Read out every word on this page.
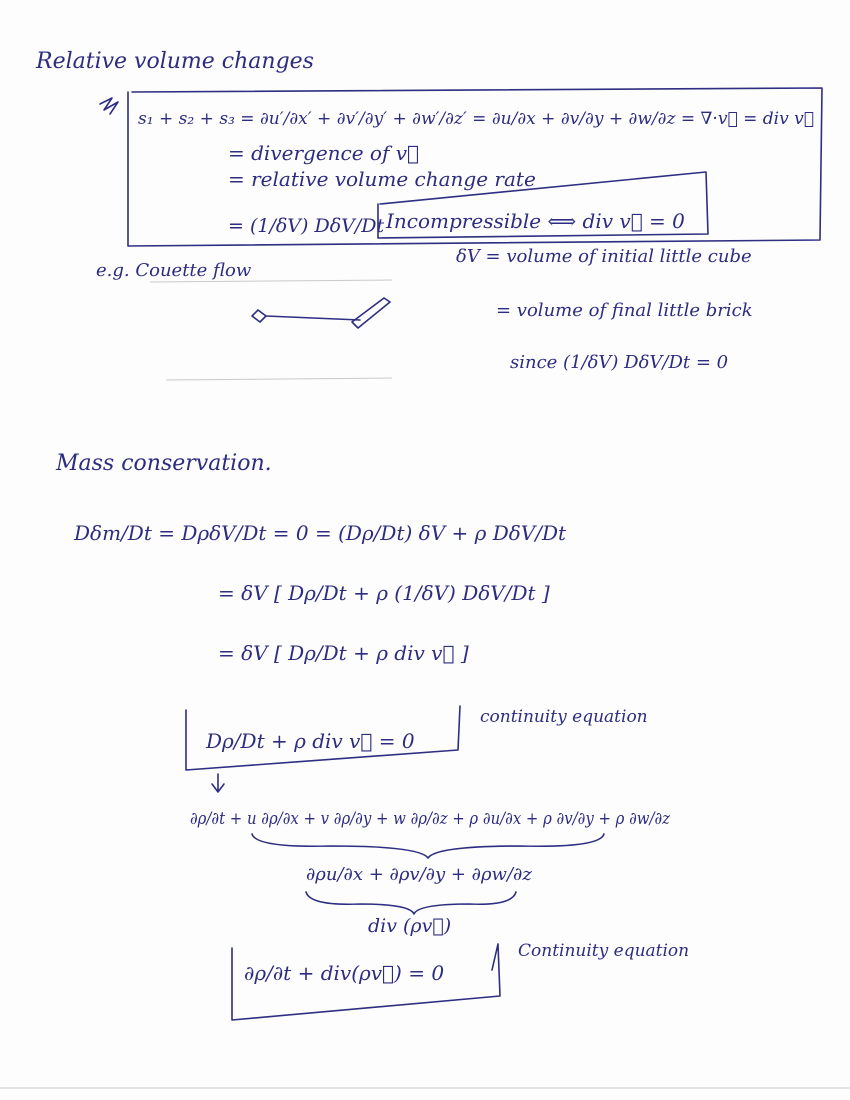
Relative volume changes
s₁ + s₂ + s₃ = ∂u′/∂x′ + ∂v′/∂y′ + ∂w′/∂z′ = ∂u/∂x + ∂v/∂y + ∂w/∂z = ∇·v⃗ = div v⃗
= divergence of v⃗
= relative volume change rate
= (1/δV) DδV/Dt Incompressible ⟺ div v⃗ = 0
e.g. Couette flow
δV = volume of initial little cube
= volume of final little brick
since (1/δV) DδV/Dt = 0
Mass conservation.
Dδm/Dt = DρδV/Dt = 0 = (Dρ/Dt) δV + ρ DδV/Dt
= δV [ Dρ/Dt + ρ (1/δV) DδV/Dt ]
= δV [ Dρ/Dt + ρ div v⃗ ]
Dρ/Dt + ρ div v⃗ = 0
continuity equation
∂ρ/∂t + u ∂ρ/∂x + v ∂ρ/∂y + w ∂ρ/∂z + ρ ∂u/∂x + ρ ∂v/∂y + ρ ∂w/∂z
∂ρu/∂x + ∂ρv/∂y + ∂ρw/∂z
div (ρv⃗)
∂ρ/∂t + div(ρv⃗) = 0
Continuity equation
